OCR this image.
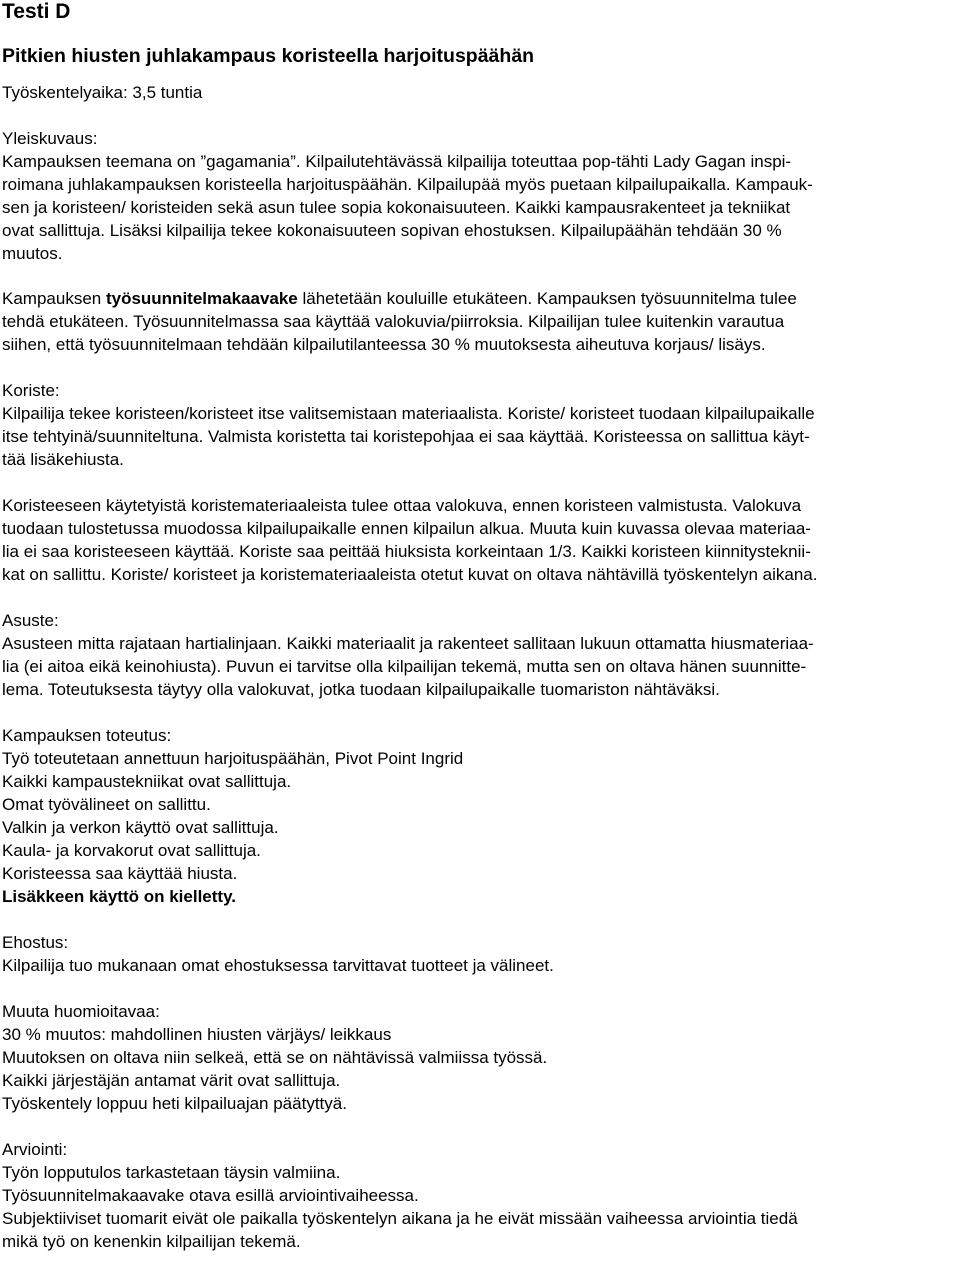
Testi D
Pitkien hiusten juhlakampaus koristeella harjoituspäähän
Työskentelyaika: 3,5 tuntia
Yleiskuvaus:
Kampauksen teemana on ”gagamania”. Kilpailutehtävässä kilpailija toteuttaa pop-tähti Lady Gagan inspi-
roimana juhlakampauksen koristeella harjoituspäähän. Kilpailupää myös puetaan kilpailupaikalla. Kampauk-
sen ja koristeen/ koristeiden sekä asun tulee sopia kokonaisuuteen. Kaikki kampausrakenteet ja tekniikat
ovat sallittuja. Lisäksi kilpailija tekee kokonaisuuteen sopivan ehostuksen. Kilpailupäähän tehdään 30 %
muutos.
Kampauksen työsuunnitelmakaavake lähetetään kouluille etukäteen. Kampauksen työsuunnitelma tulee
tehdä etukäteen. Työsuunnitelmassa saa käyttää valokuvia/piirroksia. Kilpailijan tulee kuitenkin varautua
siihen, että työsuunnitelmaan tehdään kilpailutilanteessa 30 % muutoksesta aiheutuva korjaus/ lisäys.
Koriste:
Kilpailija tekee koristeen/koristeet itse valitsemistaan materiaalista. Koriste/ koristeet tuodaan kilpailupaikalle
itse tehtyinä/suunniteltuna. Valmista koristetta tai koristepohjaa ei saa käyttää. Koristeessa on sallittua käyt-
tää lisäkehiusta.
Koristeeseen käytetyistä koristemateriaaleista tulee ottaa valokuva, ennen koristeen valmistusta. Valokuva
tuodaan tulostetussa muodossa kilpailupaikalle ennen kilpailun alkua. Muuta kuin kuvassa olevaa materiaa-
lia ei saa koristeeseen käyttää. Koriste saa peittää hiuksista korkeintaan 1/3. Kaikki koristeen kiinnitysteknii-
kat on sallittu. Koriste/ koristeet ja koristemateriaaleista otetut kuvat on oltava nähtävillä työskentelyn aikana.
Asuste:
Asusteen mitta rajataan hartialinjaan. Kaikki materiaalit ja rakenteet sallitaan lukuun ottamatta hiusmateriaa-
lia (ei aitoa eikä keinohiusta). Puvun ei tarvitse olla kilpailijan tekemä, mutta sen on oltava hänen suunnitte-
lema. Toteutuksesta täytyy olla valokuvat, jotka tuodaan kilpailupaikalle tuomariston nähtäväksi.
Kampauksen toteutus:
Työ toteutetaan annettuun harjoituspäähän, Pivot Point Ingrid
Kaikki kampaustekniikat ovat sallittuja.
Omat työvälineet on sallittu.
Valkin ja verkon käyttö ovat sallittuja.
Kaula- ja korvakorut ovat sallittuja.
Koristeessa saa käyttää hiusta.
Lisäkkeen käyttö on kielletty.
Ehostus:
Kilpailija tuo mukanaan omat ehostuksessa tarvittavat tuotteet ja välineet.
Muuta huomioitavaa:
30 % muutos: mahdollinen hiusten värjäys/ leikkaus
Muutoksen on oltava niin selkeä, että se on nähtävissä valmiissa työssä.
Kaikki järjestäjän antamat värit ovat sallittuja.
Työskentely loppuu heti kilpailuajan päätyttyä.
Arviointi:
Työn lopputulos tarkastetaan täysin valmiina.
Työsuunnitelmakaavake otava esillä arviointivaiheessa.
Subjektiiviset tuomarit eivät ole paikalla työskentelyn aikana ja he eivät missään vaiheessa arviointia tiedä
mikä työ on kenenkin kilpailijan tekemä.
